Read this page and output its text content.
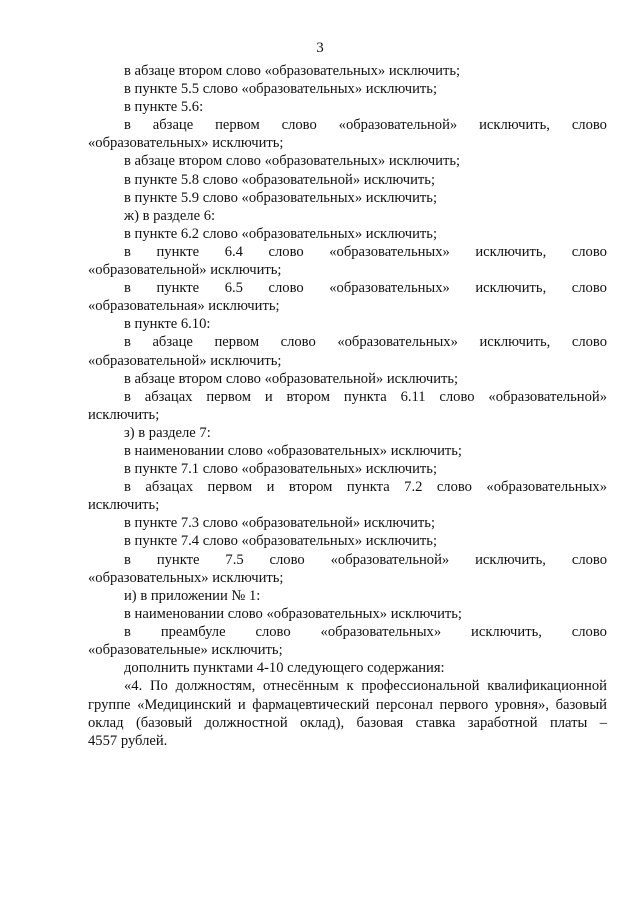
3
в абзаце втором слово «образовательных» исключить;
в пункте 5.5 слово «образовательных» исключить;
в пункте 5.6:
в абзаце первом слово «образовательной» исключить, слово
«образовательных» исключить;
в абзаце втором слово «образовательных» исключить;
в пункте 5.8 слово «образовательной» исключить;
в пункте 5.9 слово «образовательных» исключить;
ж) в разделе 6:
в пункте 6.2 слово «образовательных» исключить;
в пункте 6.4 слово «образовательных» исключить, слово
«образовательной» исключить;
в пункте 6.5 слово «образовательных» исключить, слово
«образовательная» исключить;
в пункте 6.10:
в абзаце первом слово «образовательных» исключить, слово
«образовательной» исключить;
в абзаце втором слово «образовательной» исключить;
в абзацах первом и втором пункта 6.11 слово «образовательной»
исключить;
з) в разделе 7:
в наименовании слово «образовательных» исключить;
в пункте 7.1 слово «образовательных» исключить;
в абзацах первом и втором пункта 7.2 слово «образовательных»
исключить;
в пункте 7.3 слово «образовательной» исключить;
в пункте 7.4 слово «образовательных» исключить;
в пункте 7.5 слово «образовательной» исключить, слово
«образовательных» исключить;
и) в приложении № 1:
в наименовании слово «образовательных» исключить;
в преамбуле слово «образовательных» исключить, слово
«образовательные» исключить;
дополнить пунктами 4-10 следующего содержания:
«4. По должностям, отнесённым к профессиональной квалификационной
группе «Медицинский и фармацевтический персонал первого уровня», базовый
оклад (базовый должностной оклад), базовая ставка заработной платы –
4557 рублей.
